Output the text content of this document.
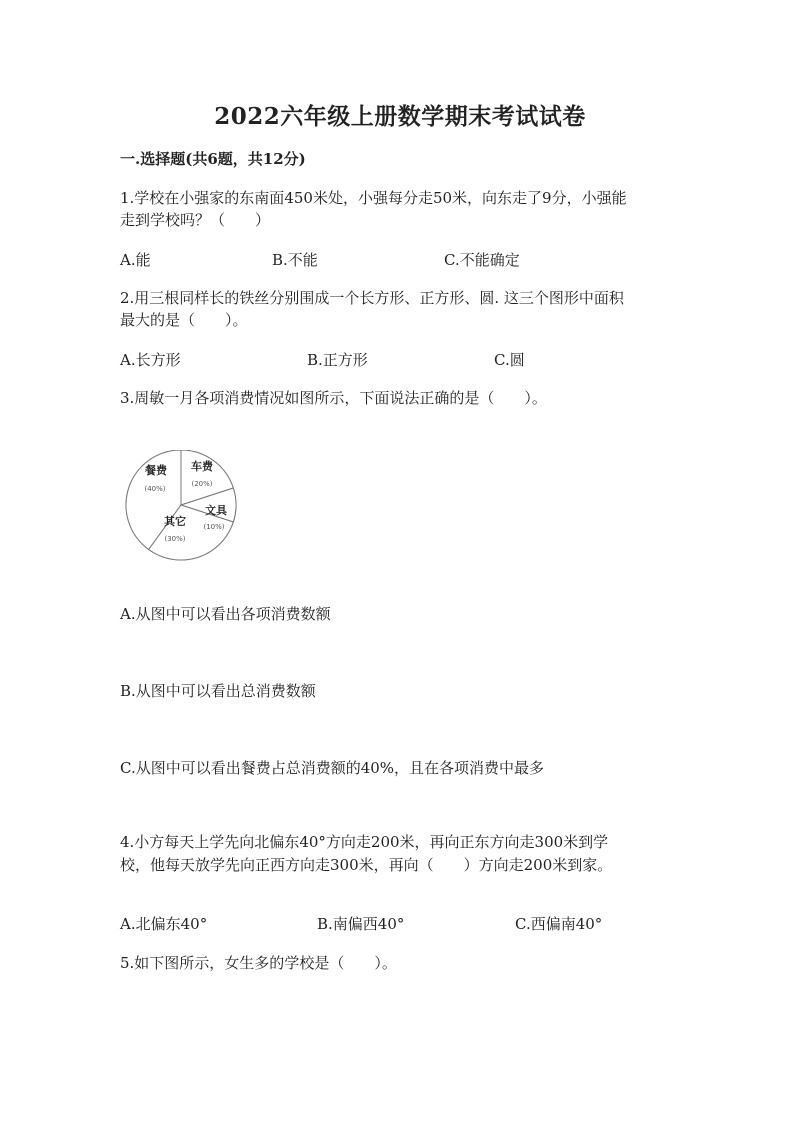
2022六年级上册数学期末考试试卷
一.选择题(共6题，共12分)
1.学校在小强家的东南面450米处，小强每分走50米，向东走了9分，小强能
走到学校吗？（　　）
A.能	B.不能	C.不能确定
2.用三根同样长的铁丝分别围成一个长方形、正方形、圆. 这三个图形中面积
最大的是（　　）。
A.长方形	B.正方形	C.圆
3.周敏一月各项消费情况如图所示，下面说法正确的是（　　）。
餐费
(40%)
车费
(20%)
文具
(10%)
其它
(30%)
A.从图中可以看出各项消费数额
B.从图中可以看出总消费数额
C.从图中可以看出餐费占总消费额的40%，且在各项消费中最多
4.小方每天上学先向北偏东40°方向走200米，再向正东方向走300米到学
校，他每天放学先向正西方向走300米，再向（　　）方向走200米到家。
A.北偏东40°	B.南偏西40°	C.西偏南40°
5.如下图所示，女生多的学校是（　　）。
